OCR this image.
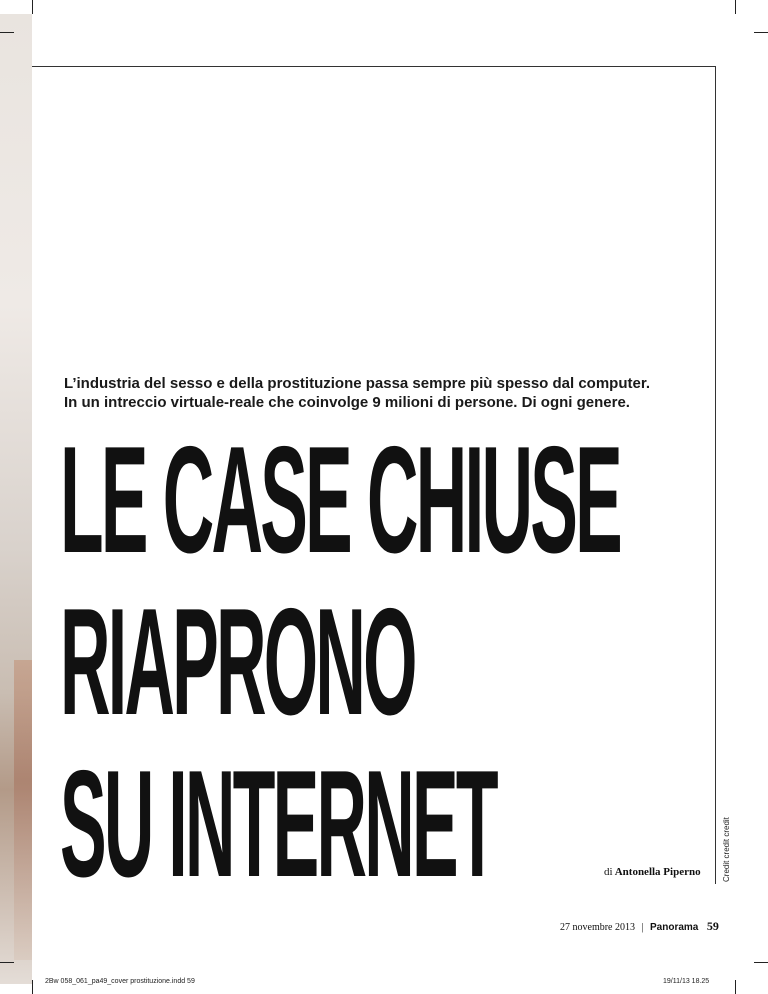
Credit credit credit
L’industria del sesso e della prostituzione passa sempre più spesso dal computer.
In un intreccio virtuale-reale che coinvolge 9 milioni di persone. Di ogni genere.
LE CASE CHIUSE
RIAPRONO
SU INTERNET	di Antonella Piperno
27 novembre 2013 | Panorama 59
2Bw 058_061_pa49_cover prostituzione.indd 59	19/11/13 18.25
